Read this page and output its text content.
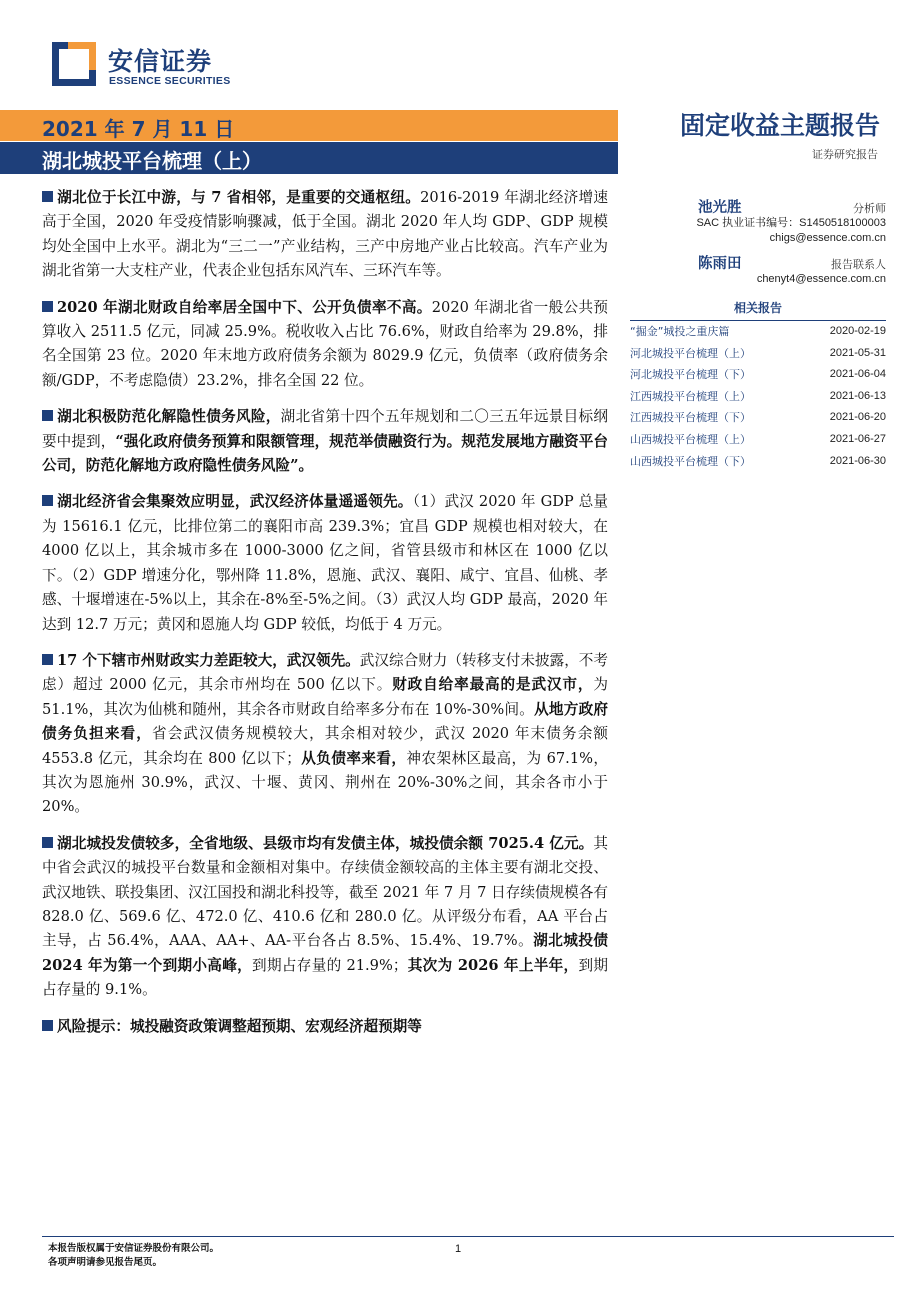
安信证券
ESSENCE SECURITIES
2021 年 7 月 11 日
湖北城投平台梳理（上）
固定收益主题报告
证券研究报告

湖北位于长江中游，与 7 省相邻，是重要的交通枢纽。2016-2019 年湖北经济增速高于全国，2020 年受疫情影响骤减，低于全国。湖北 2020 年人均 GDP、GDP 规模均处全国中上水平。湖北为“三二一”产业结构，三产中房地产业占比较高。汽车产业为湖北省第一大支柱产业，代表企业包括东风汽车、三环汽车等。

2020 年湖北财政自给率居全国中下、公开负债率不高。2020 年湖北省一般公共预算收入 2511.5 亿元，同减 25.9%。税收收入占比 76.6%，财政自给率为 29.8%，排名全国第 23 位。2020 年末地方政府债务余额为 8029.9 亿元，负债率（政府债务余额/GDP，不考虑隐债）23.2%，排名全国 22 位。

湖北积极防范化解隐性债务风险，湖北省第十四个五年规划和二〇三五年远景目标纲要中提到，“强化政府债务预算和限额管理，规范举债融资行为。规范发展地方融资平台公司，防范化解地方政府隐性债务风险”。

湖北经济省会集聚效应明显，武汉经济体量遥遥领先。（1）武汉 2020 年 GDP 总量为 15616.1 亿元，比排位第二的襄阳市高 239.3%；宜昌 GDP 规模也相对较大，在 4000 亿以上，其余城市多在 1000-3000 亿之间，省管县级市和林区在 1000 亿以下。（2）GDP 增速分化，鄂州降 11.8%，恩施、武汉、襄阳、咸宁、宜昌、仙桃、孝感、十堰增速在-5%以上，其余在-8%至-5%之间。（3）武汉人均 GDP 最高，2020 年达到 12.7 万元；黄冈和恩施人均 GDP 较低，均低于 4 万元。

17 个下辖市州财政实力差距较大，武汉领先。武汉综合财力（转移支付未披露，不考虑）超过 2000 亿元，其余市州均在 500 亿以下。财政自给率最高的是武汉市，为 51.1%，其次为仙桃和随州，其余各市财政自给率多分布在 10%-30%间。从地方政府债务负担来看，省会武汉债务规模较大，其余相对较少，武汉 2020 年末债务余额 4553.8 亿元，其余均在 800 亿以下；从负债率来看，神农架林区最高，为 67.1%，其次为恩施州 30.9%，武汉、十堰、黄冈、荆州在 20%-30%之间，其余各市小于 20%。

湖北城投发债较多，全省地级、县级市均有发债主体，城投债余额 7025.4 亿元。其中省会武汉的城投平台数量和金额相对集中。存续债金额较高的主体主要有湖北交投、武汉地铁、联投集团、汉江国投和湖北科投等，截至 2021 年 7 月 7 日存续债规模各有 828.0 亿、569.6 亿、472.0 亿、410.6 亿和 280.0 亿。从评级分布看，AA 平台占主导，占 56.4%，AAA、AA+、AA-平台各占 8.5%、15.4%、19.7%。湖北城投债 2024 年为第一个到期小高峰，到期占存量的 21.9%；其次为 2026 年上半年，到期占存量的 9.1%。

风险提示：城投融资政策调整超预期、宏观经济超预期等

池光胜	分析师
SAC 执业证书编号：S1450518100003
chigs@essence.com.cn
陈雨田	报告联系人
chenyt4@essence.com.cn
相关报告
“掘金”城投之重庆篇	2020-02-19
河北城投平台梳理（上）	2021-05-31
河北城投平台梳理（下）	2021-06-04
江西城投平台梳理（上）	2021-06-13
江西城投平台梳理（下）	2021-06-20
山西城投平台梳理（上）	2021-06-27
山西城投平台梳理（下）	2021-06-30
本报告版权属于安信证券股份有限公司。
各项声明请参见报告尾页。
1
